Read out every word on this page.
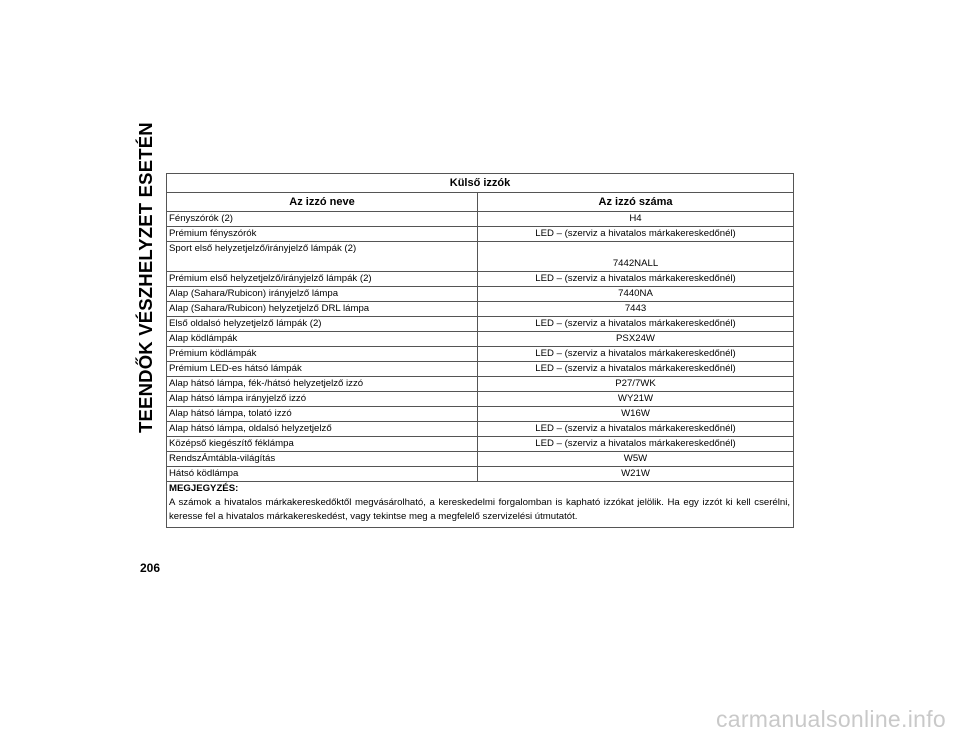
TEENDŐK VÉSZHELYZET ESETÉN	Külső izzók	
Az izzó neve	Az izzó száma
Fényszórók (2)	H4
Prémium fényszórók	LED – (szerviz a hivatalos márkakereskedőnél)
Sport első helyzetjelző/irányjelző lámpák (2)	7442NALL
Prémium első helyzetjelző/irányjelző lámpák (2)	LED – (szerviz a hivatalos márkakereskedőnél)
Alap (Sahara/Rubicon) irányjelző lámpa	7440NA
Alap (Sahara/Rubicon) helyzetjelző DRL lámpa	7443
Első oldalsó helyzetjelző lámpák (2)	LED – (szerviz a hivatalos márkakereskedőnél)
Alap ködlámpák	PSX24W
Prémium ködlámpák	LED – (szerviz a hivatalos márkakereskedőnél)
Prémium LED-es hátsó lámpák	LED – (szerviz a hivatalos márkakereskedőnél)
Alap hátsó lámpa, fék-/hátsó helyzetjelző izzó	P27/7WK
Alap hátsó lámpa irányjelző izzó	WY21W
Alap hátsó lámpa, tolató izzó	W16W
Alap hátsó lámpa, oldalsó helyzetjelző	LED – (szerviz a hivatalos márkakereskedőnél)
Középső kiegészítő féklámpa	LED – (szerviz a hivatalos márkakereskedőnél)
RendszÁmtábla-világítás	W5W
Hátsó ködlámpa	W21W

MEGJEGYZÉS:
A számok a hivatalos márkakereskedőktől megvásárolható, a kereskedelmi forgalomban is kapható izzókat jelölik. Ha egy izzót ki kell cserélni, keresse fel a hivatalos márkakereskedést, vagy tekintse meg a megfelelő szervizelési útmutatót.	
206
carmanualsonline.info
